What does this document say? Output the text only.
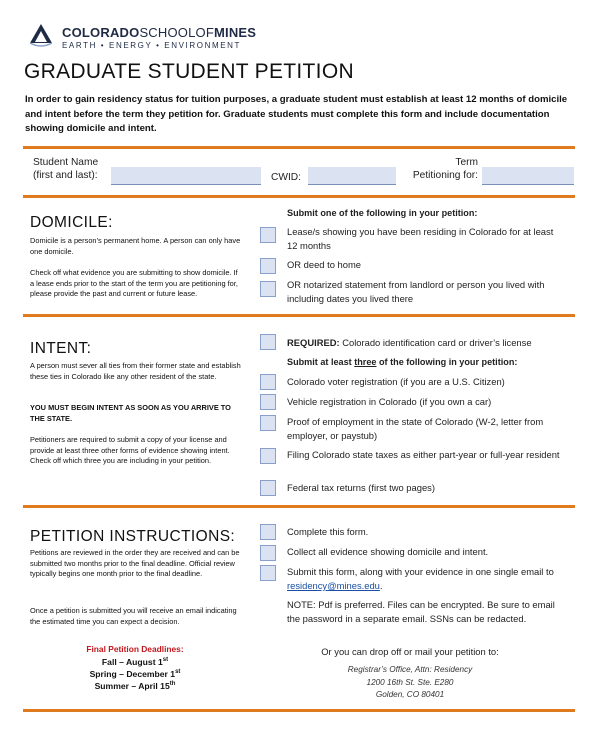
COLORADOSCHOOLOFMINES
EARTH • ENERGY • ENVIRONMENT
GRADUATE STUDENT PETITION
In order to gain residency status for tuition purposes, a graduate student must establish at least 12 months of domicile and intent before the term they petition for. Graduate students must complete this form and include documentation showing domicile and intent.
Student Name
(first and last):	CWID:
Term
Petitioning for:
DOMICILE:
Domicile is a person’s permanent home. A person can only have one domicile.
Check off what evidence you are submitting to show domicile. If a lease ends prior to the start of the term you are petitioning for, please provide the past and current or future lease.
Submit one of the following in your petition:
Lease/s showing you have been residing in Colorado for at least 12 months
OR deed to home
OR notarized statement from landlord or person you lived with including dates you lived there
INTENT:
A person must sever all ties from their former state and establish these ties in Colorado like any other resident of the state.
YOU MUST BEGIN INTENT AS SOON AS YOU ARRIVE TO THE STATE.
Petitioners are required to submit a copy of your license and provide at least three other forms of evidence showing intent. Check off which three you are including in your petition.
REQUIRED: Colorado identification card or driver’s license
Submit at least three of the following in your petition:
Colorado voter registration (if you are a U.S. Citizen)
Vehicle registration in Colorado (if you own a car)
Proof of employment in the state of Colorado (W-2, letter from employer, or paystub)
Filing Colorado state taxes as either part-year or full-year resident
Federal tax returns (first two pages)
PETITION INSTRUCTIONS:
Petitions are reviewed in the order they are received and can be submitted two months prior to the final deadline. Official review typically begins one month prior to the final deadline.
Once a petition is submitted you will receive an email indicating the estimated time you can expect a decision.
Final Petition Deadlines:
Fall – August 1st
Spring – December 1st
Summer – April 15th
Complete this form.
Collect all evidence showing domicile and intent.
Submit this form, along with your evidence in one single email to residency@mines.edu.
NOTE: Pdf is preferred. Files can be encrypted. Be sure to email the password in a separate email. SSNs can be redacted.
Or you can drop off or mail your petition to:
Registrar’s Office, Attn: Residency
1200 16th St. Ste. E280
Golden, CO 80401
